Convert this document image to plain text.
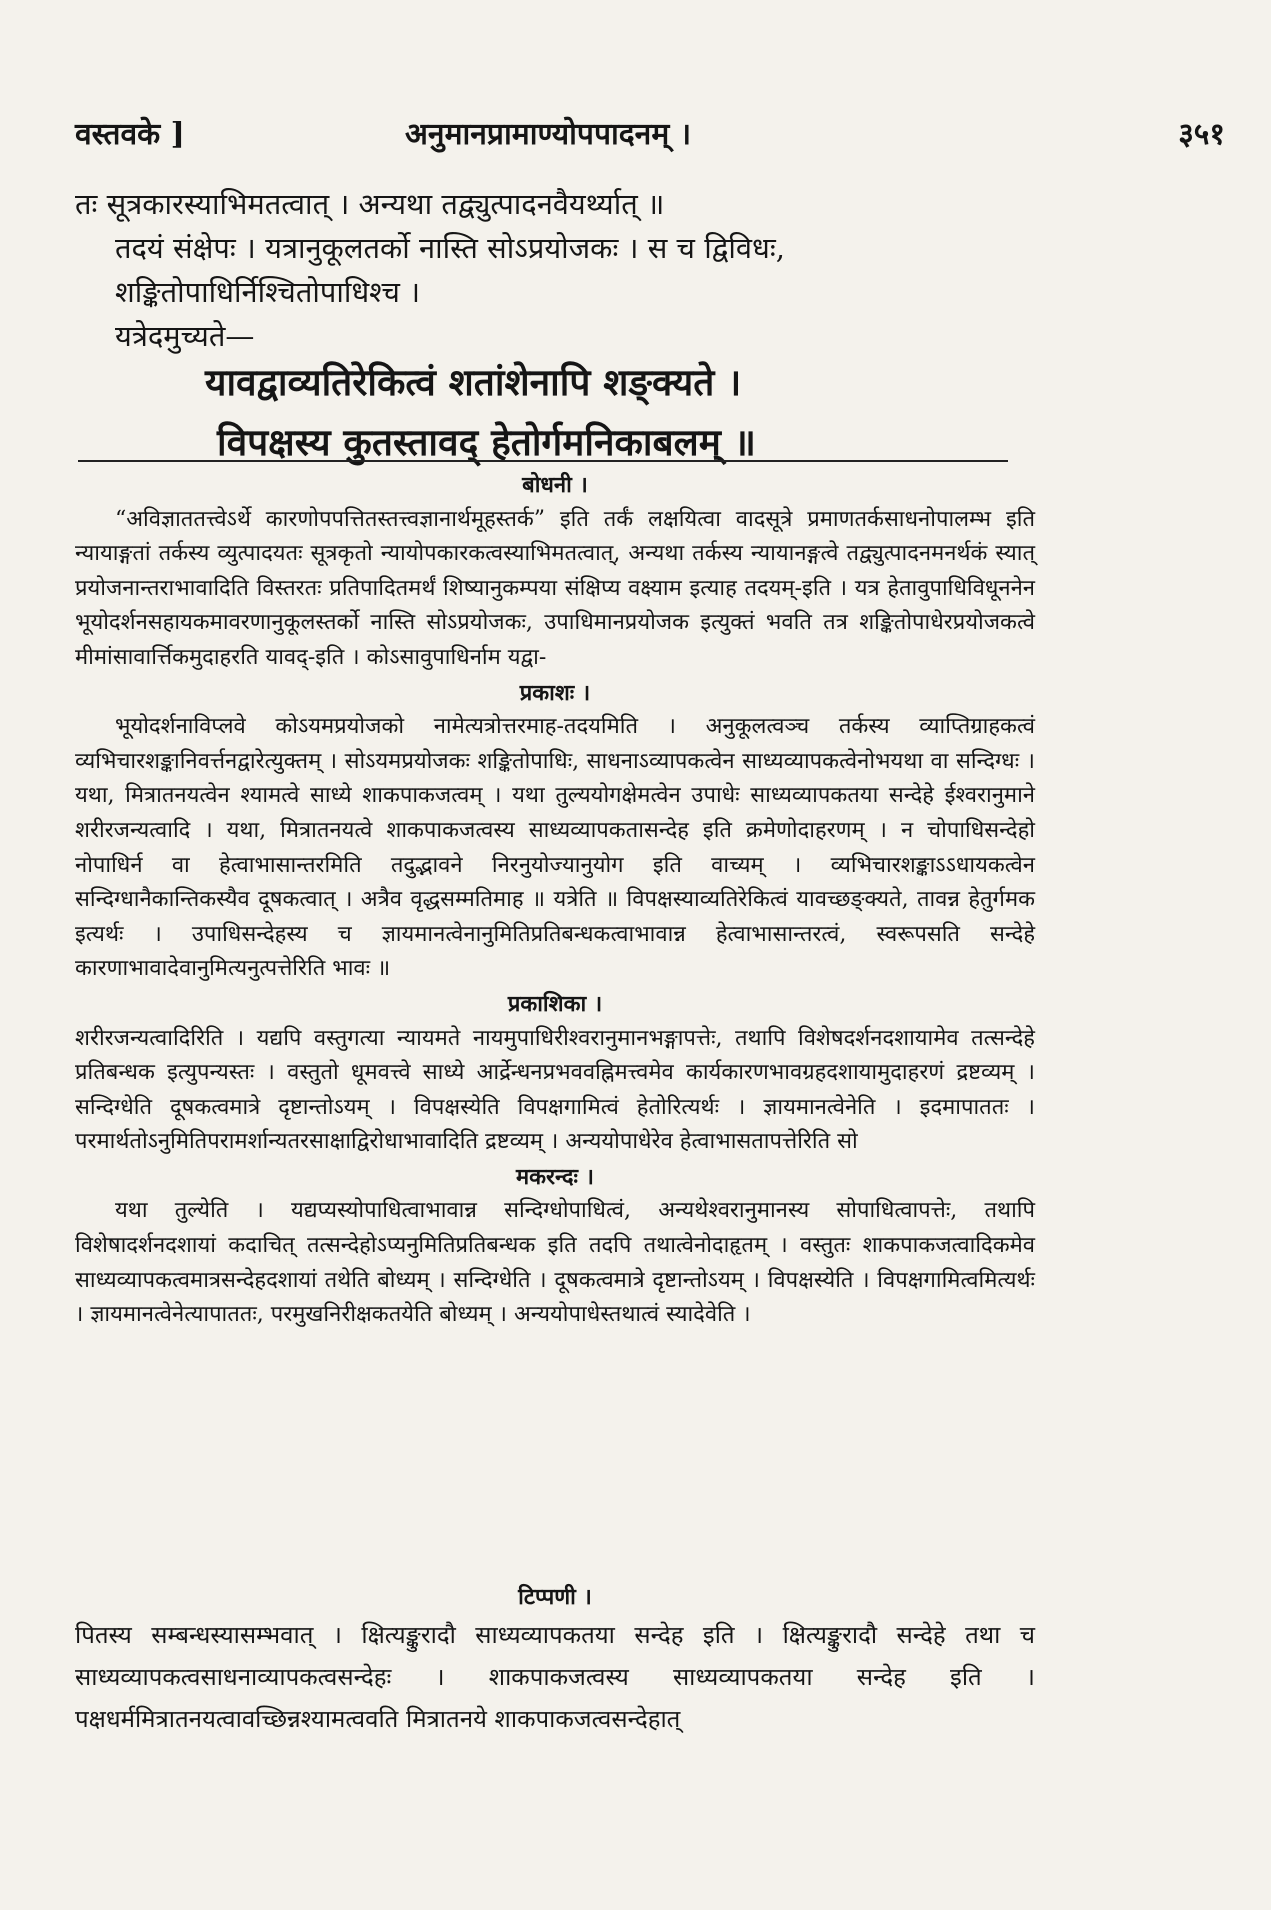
वस्तवके ]	अनुमानप्रामाण्योपपादनम् ।	३५१

तः सूत्रकारस्याभिमतत्वात् । अन्यथा तद्व्युत्पादनवैयर्थ्यात् ॥

तदयं संक्षेपः । यत्रानुकूलतर्को नास्ति सोऽप्रयोजकः । स च द्विविधः, शङ्कितोपाधिर्निश्चितोपाधिश्च ।

यत्रेदमुच्यते—

यावद्वाव्यतिरेकित्वं शतांशेनापि शङ्क्यते ।

विपक्षस्य कुतस्तावद् हेतोर्गमनिकाबलम् ॥

बोधनी ।

“अविज्ञाततत्त्वेऽर्थे कारणोपपत्तितस्तत्त्वज्ञानार्थमूहस्तर्क” इति तर्कं लक्षयित्वा वादसूत्रे प्रमाणतर्कसाधनोपालम्भ इति न्यायाङ्गतां तर्कस्य व्युत्पादयतः सूत्रकृतो न्यायोपकारकत्वस्याभिमतत्वात्, अन्यथा तर्कस्य न्यायानङ्गत्वे तद्व्युत्पादनमनर्थकं स्यात् प्रयोजनान्तराभावादिति विस्तरतः प्रतिपादितमर्थं शिष्यानुकम्पया संक्षिप्य वक्ष्याम इत्याह तदयम्-इति । यत्र हेतावुपाधिविधूननेन भूयोदर्शनसहायकमावरणानुकूलस्तर्को नास्ति सोऽप्रयोजकः, उपाधिमानप्रयोजक इत्युक्तं भवति तत्र शङ्कितोपाधेरप्रयोजकत्वे मीमांसावार्त्तिकमुदाहरति यावद्-इति । कोऽसावुपाधिर्नाम यद्वा-

प्रकाशः ।

भूयोदर्शनाविप्लवे कोऽयमप्रयोजको नामेत्यत्रोत्तरमाह-तदयमिति । अनुकूलत्वञ्च तर्कस्य व्याप्तिग्राहकत्वं व्यभिचारशङ्कानिवर्त्तनद्वारेत्युक्तम् । सोऽयमप्रयोजकः शङ्कितोपाधिः, साधनाऽव्यापकत्वेन साध्यव्यापकत्वेनोभयथा वा सन्दिग्धः । यथा, मित्रातनयत्वेन श्यामत्वे साध्ये शाकपाकजत्वम् । यथा तुल्ययोगक्षेमत्वेन उपाधेः साध्यव्यापकतया सन्देहे ईश्वरानुमाने शरीरजन्यत्वादि । यथा, मित्रातनयत्वे शाकपाकजत्वस्य साध्यव्यापकतासन्देह इति क्रमेणोदाहरणम् । न चोपाधिसन्देहो नोपाधिर्न वा हेत्वाभासान्तरमिति तदुद्भावने निरनुयोज्यानुयोग इति वाच्यम् । व्यभिचारशङ्काऽऽधायकत्वेन सन्दिग्धानैकान्तिकस्यैव दूषकत्वात् । अत्रैव वृद्धसम्मतिमाह ॥ यत्रेति ॥ विपक्षस्याव्यतिरेकित्वं यावच्छङ्क्यते, तावन्न हेतुर्गमक इत्यर्थः । उपाधिसन्देहस्य च ज्ञायमानत्वेनानुमितिप्रतिबन्धकत्वाभावान्न हेत्वाभासान्तरत्वं, स्वरूपसति सन्देहे कारणाभावादेवानुमित्यनुत्पत्तेरिति भावः ॥

प्रकाशिका ।

शरीरजन्यत्वादिरिति । यद्यपि वस्तुगत्या न्यायमते नायमुपाधिरीश्वरानुमानभङ्गापत्तेः, तथापि विशेषदर्शनदशायामेव तत्सन्देहे प्रतिबन्धक इत्युपन्यस्तः । वस्तुतो धूमवत्त्वे साध्ये आर्द्रेन्धनप्रभववह्निमत्त्वमेव कार्यकारणभावग्रहदशायामुदाहरणं द्रष्टव्यम् । सन्दिग्धेति दूषकत्वमात्रे दृष्टान्तोऽयम् । विपक्षस्येति विपक्षगामित्वं हेतोरित्यर्थः । ज्ञायमानत्वेनेति । इदमापाततः । परमार्थतोऽनुमितिपरामर्शान्यतरसाक्षाद्विरोधाभावादिति द्रष्टव्यम् । अन्ययोपाधेरेव हेत्वाभासतापत्तेरिति सो

मकरन्दः ।

यथा तुल्येति । यद्यप्यस्योपाधित्वाभावान्न सन्दिग्धोपाधित्वं, अन्यथेश्वरानुमानस्य सोपाधित्वापत्तेः, तथापि विशेषादर्शनदशायां कदाचित् तत्सन्देहोऽप्यनुमितिप्रतिबन्धक इति तदपि तथात्वेनोदाहृतम् । वस्तुतः शाकपाकजत्वादिकमेव साध्यव्यापकत्वमात्रसन्देहदशायां तथेति बोध्यम् । सन्दिग्धेति । दूषकत्वमात्रे दृष्टान्तोऽयम् । विपक्षस्येति । विपक्षगामित्वमित्यर्थः । ज्ञायमानत्वेनेत्यापाततः, परमुखनिरीक्षकतयेति बोध्यम् । अन्ययोपाधेस्तथात्वं स्यादेवेति ।

टिप्पणी ।

पितस्य सम्बन्धस्यासम्भवात् । क्षित्यङ्कुरादौ साध्यव्यापकतया सन्देह इति । क्षित्यङ्कुरादौ सन्देहे तथा च साध्यव्यापकत्वसाधनाव्यापकत्वसन्देहः । शाकपाकजत्वस्य साध्यव्यापकतया सन्देह इति । पक्षधर्ममित्रातनयत्वावच्छिन्नश्यामत्ववति मित्रातनये शाकपाकजत्वसन्देहात्
